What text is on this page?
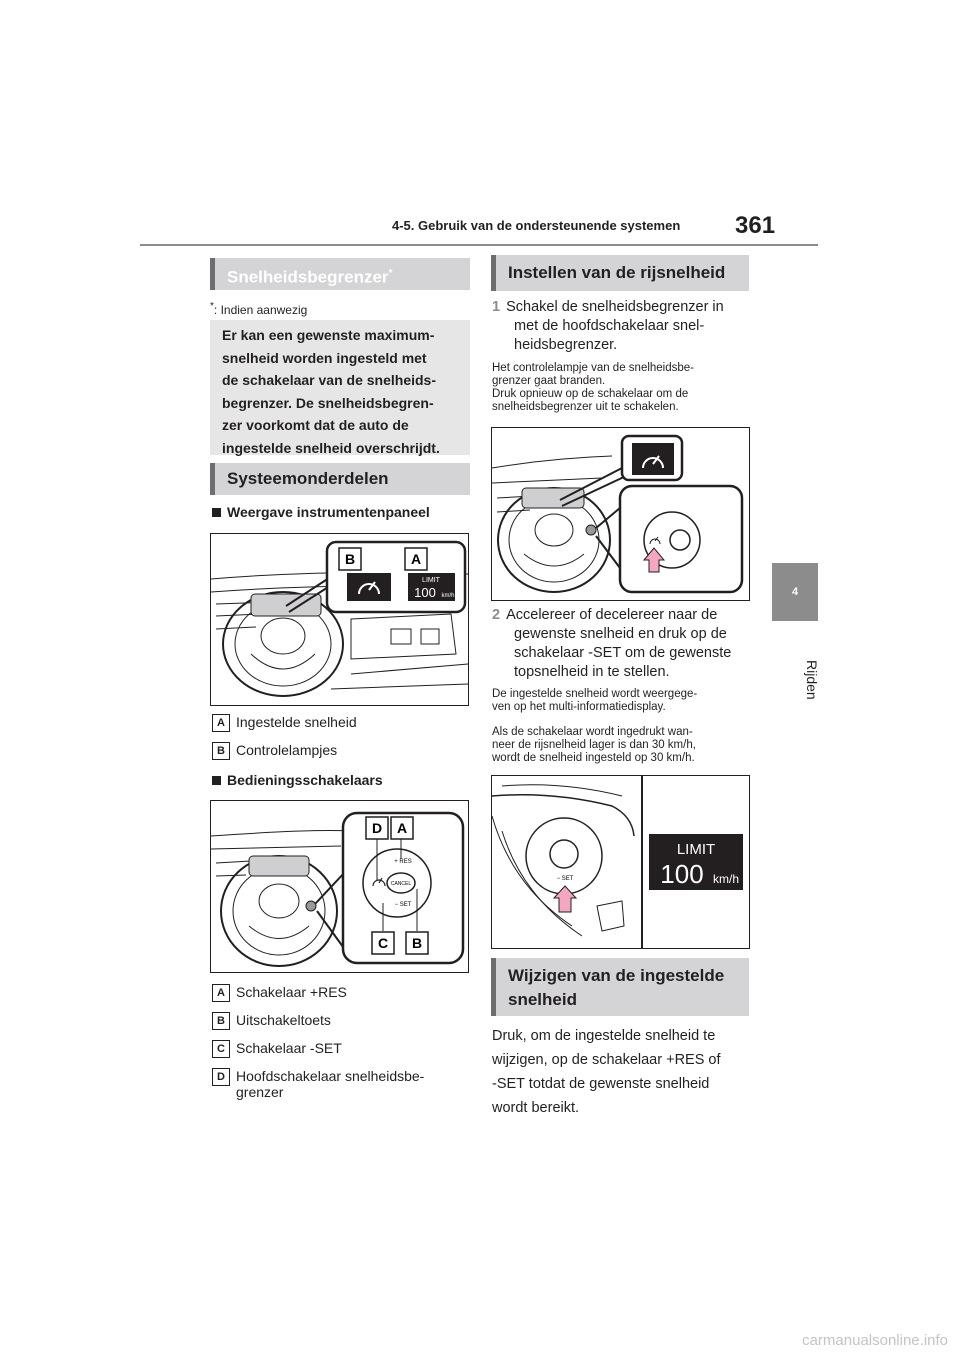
4-5. Gebruik van de ondersteunende systemen 361
4
Rijden
Snelheidsbegrenzer*
*: Indien aanwezig
Er kan een gewenste maximum-
snelheid worden ingesteld met
de schakelaar van de snelheids-
begrenzer. De snelheidsbegren-
zer voorkomt dat de auto de
ingestelde snelheid overschrijdt.
Systeemonderdelen
Weergave instrumentenpaneel
LIMIT
100 km/h
B	A
A Ingestelde snelheid
B Controlelampjes
Bedieningsschakelaars
CANCEL
+ RES
− SET
D A
C B
A Schakelaar +RES
B Uitschakeltoets
C Schakelaar -SET
D Hoofdschakelaar snelheidsbe-
grenzer
Instellen van de rijsnelheid
1 Schakel de snelheidsbegrenzer in
met de hoofdschakelaar snel-
heidsbegrenzer.
Het controlelampje van de snelheidsbe-
grenzer gaat branden.
Druk opnieuw op de schakelaar om de
snelheidsbegrenzer uit te schakelen.
2 Accelereer of decelereer naar de
gewenste snelheid en druk op de
schakelaar -SET om de gewenste
topsnelheid in te stellen.
De ingestelde snelheid wordt weergege-
ven op het multi-informatiedisplay.
Als de schakelaar wordt ingedrukt wan-
neer de rijsnelheid lager is dan 30 km/h,
wordt de snelheid ingesteld op 30 km/h.
− SET
LIMIT
100 km/h
Wijzigen van de ingestelde
snelheid
Druk, om de ingestelde snelheid te
wijzigen, op de schakelaar +RES of
-SET totdat de gewenste snelheid
wordt bereikt.
carmanualsonline.info
